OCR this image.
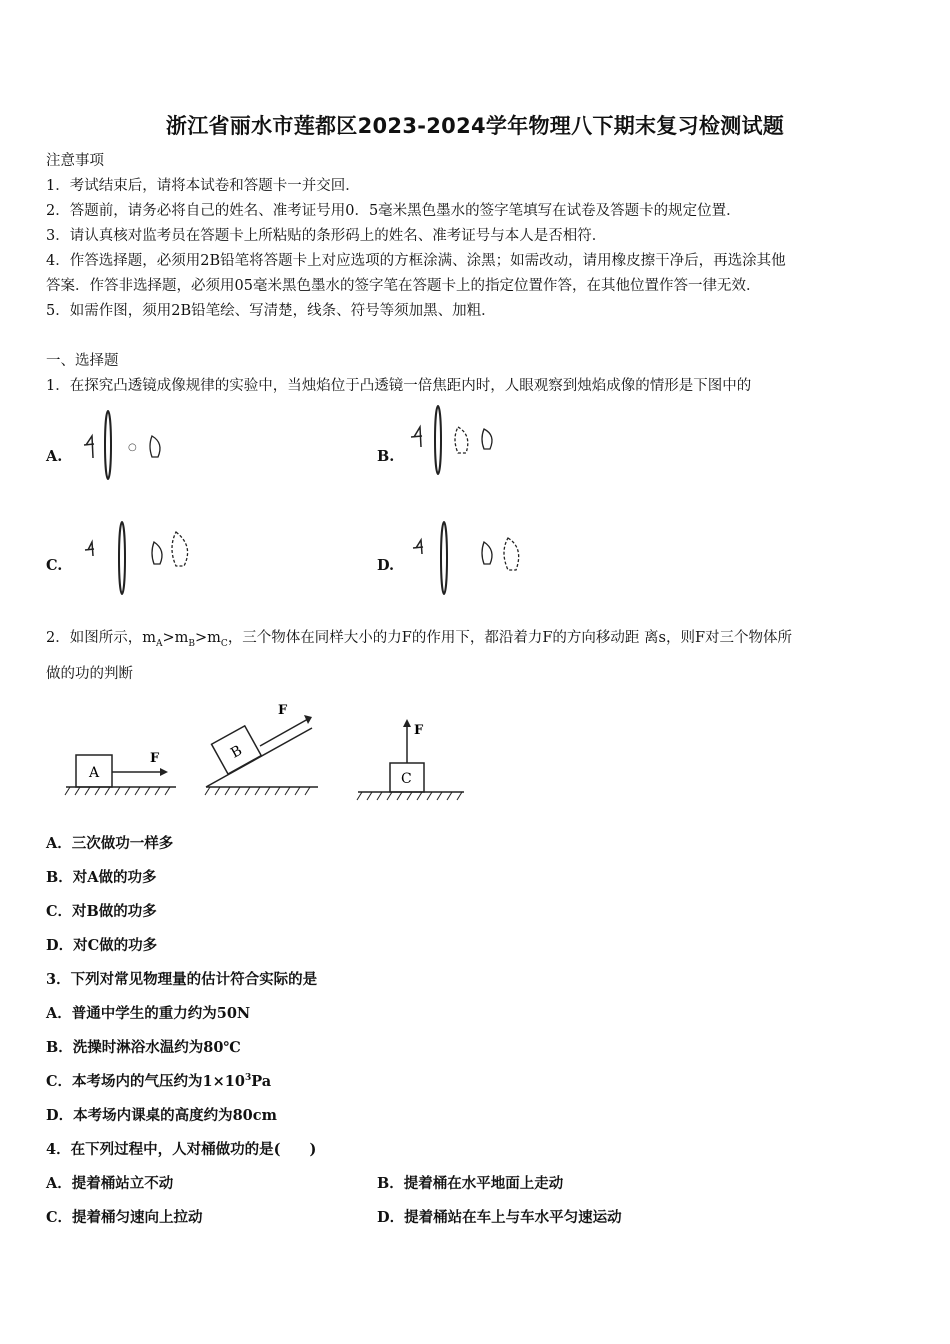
浙江省丽水市莲都区2023-2024学年物理八下期末复习检测试题
注意事项
1．考试结束后，请将本试卷和答题卡一并交回．
2．答题前，请务必将自己的姓名、准考证号用0．5毫米黑色墨水的签字笔填写在试卷及答题卡的规定位置．
3．请认真核对监考员在答题卡上所粘贴的条形码上的姓名、准考证号与本人是否相符．
4．作答选择题，必须用2B铅笔将答题卡上对应选项的方框涂满、涂黑；如需改动，请用橡皮擦干净后，再选涂其他
答案．作答非选择题，必须用05毫米黑色墨水的签字笔在答题卡上的指定位置作答，在其他位置作答一律无效．
5．如需作图，须用2B铅笔绘、写清楚，线条、符号等须加黑、加粗．
一、选择题
1．在探究凸透镜成像规律的实验中，当烛焰位于凸透镜一倍焦距内时，人眼观察到烛焰成像的情形是下图中的
A.
○
B.
C.	D.
2．如图所示，$m_A>m_B>m_C$，三个物体在同样大小的力F的作用下，都沿着力F的方向移动距 离s，则F对三个物体所
做的功的判断
A
F	B
F
C
F
A．三次做功一样多
B．对A做的功多
C．对B做的功多
D．对C做的功多
3．下列对常见物理量的估计符合实际的是
A．普通中学生的重力约为50N
B．洗操时淋浴水温约为80℃
C．本考场内的气压约为$1\times 10^3Pa$
D．本考场内课桌的高度约为80cm
4．在下列过程中，人对桶做功的是(　　)
A．提着桶站立不动	B．提着桶在水平地面上走动
C．提着桶匀速向上拉动	D．提着桶站在车上与车水平匀速运动
